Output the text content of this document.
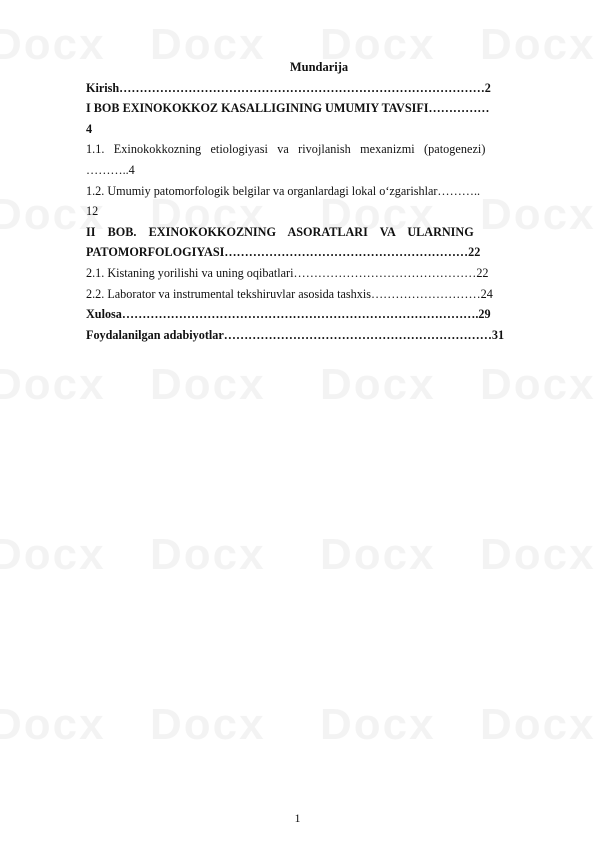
Mundarija
Kirish………………………………………………………………………………2
I BOB EXINOKOKKOZ KASALLIGINING UMUMIY TAVSIFI……………
4
1.1.   Exinokokkozning   etiologiyasi   va   rivojlanish   mexanizmi   (patogenezi)
………..4
1.2. Umumiy patomorfologik belgilar va organlardagi lokal o‘zgarishlar………..
12
II    BOB.    EXINOKOKKOZNING    ASORATLARI    VA    ULARNING
PATOMORFOLOGIYASI……………………………………………………22
2.1. Kistaning yorilishi va uning oqibatlari………………………………………22
2.2. Laborator va instrumental tekshiruvlar asosida tashxis………………………24
Xulosa…………………………………………………………………………….29
Foydalanilgan adabiyotlar…………………………………………………………31
1
